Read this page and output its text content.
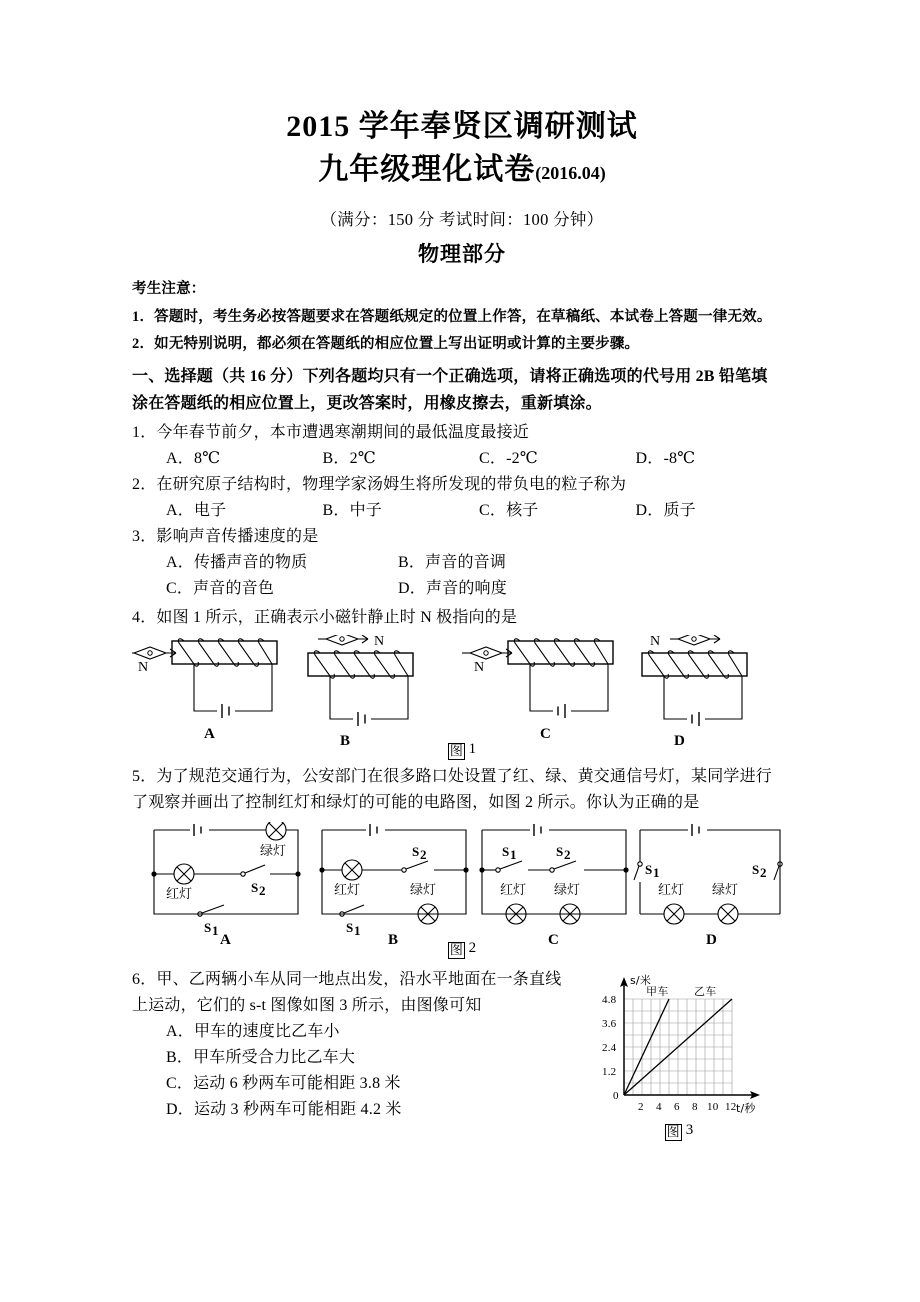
2015 学年奉贤区调研测试
九年级理化试卷(2016.04)
（满分：150 分 考试时间：100 分钟）
物理部分
考生注意：
1．答题时，考生务必按答题要求在答题纸规定的位置上作答，在草稿纸、本试卷上答题一律无效。
2．如无特别说明，都必须在答题纸的相应位置上写出证明或计算的主要步骤。
一、选择题（共 16 分）下列各题均只有一个正确选项，请将正确选项的代号用 2B 铅笔填
涂在答题纸的相应位置上，更改答案时，用橡皮擦去，重新填涂。
1．今年春节前夕，本市遭遇寒潮期间的最低温度最接近
A．8℃	B．2℃	C．-2℃	D．-8℃
2．在研究原子结构时，物理学家汤姆生将所发现的带负电的粒子称为
A．电子	B．中子	C．核子	D．质子
3．影响声音传播速度的是
A．传播声音的物质	B．声音的音调
C．声音的音色	D．声音的响度
4．如图 1 所示，正确表示小磁针静止时 N 极指向的是
N
A
N
B
N
C
N
D
图 1
5．为了规范交通行为，公安部门在很多路口处设置了红、绿、黄交通信号灯，某同学进行
了观察并画出了控制红灯和绿灯的可能的电路图，如图 2 所示。你认为正确的是
绿灯
红灯	S 2
S 1
A
红灯
S 2
绿灯
S 1
B
S 1	S 2
红灯 绿灯
C
S 1	S 2
红灯 绿灯
D
图 2
6．甲、乙两辆小车从同一地点出发，沿水平地面在一条直线
上运动，它们的 s-t 图像如图 3 所示，由图像可知
A．甲车的速度比乙车小
B．甲车所受合力比乙车大
C．运动 6 秒两车可能相距 3.8 米
D．运动 3 秒两车可能相距 4.2 米
s/米
t/秒
4.8
3.6
2.4
1.2
0
2 4 6 8 10 12
甲车 乙车
图 3
